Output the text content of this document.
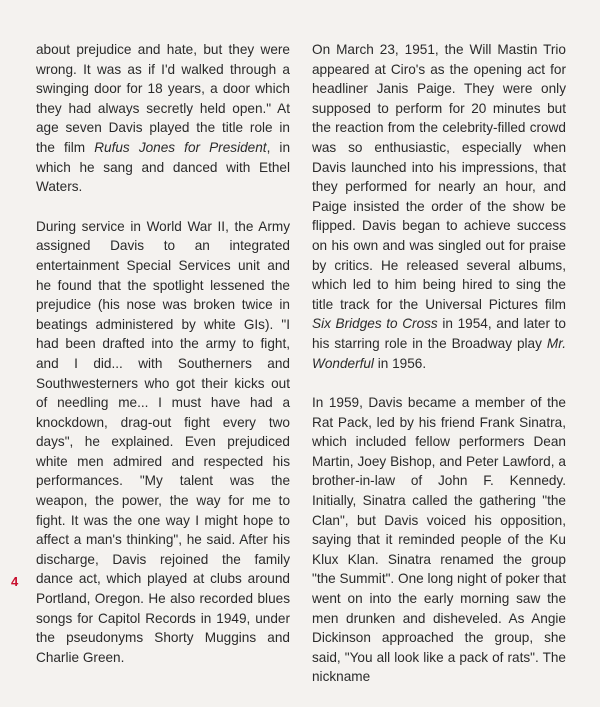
about prejudice and hate, but they were wrong. It was as if I'd walked through a swinging door for 18 years, a door which they had always secretly held open." At age seven Davis played the title role in the film Rufus Jones for President, in which he sang and danced with Ethel Waters.

During service in World War II, the Army assigned Davis to an integrated entertainment Special Services unit and he found that the spotlight lessened the prejudice (his nose was broken twice in beatings administered by white GIs). "I had been drafted into the army to fight, and I did... with Southerners and Southwesterners who got their kicks out of needling me... I must have had a knockdown, drag-out fight every two days", he explained. Even prejudiced white men admired and respected his performances. "My talent was the weapon, the power, the way for me to fight. It was the one way I might hope to affect a man's thinking", he said. After his discharge, Davis rejoined the family dance act, which played at clubs around Portland, Oregon. He also recorded blues songs for Capitol Records in 1949, under the pseudonyms Shorty Muggins and Charlie Green.

On March 23, 1951, the Will Mastin Trio appeared at Ciro's as the opening act for headliner Janis Paige. They were only supposed to perform for 20 minutes but the reaction from the celebrity-filled crowd was so enthusiastic, especially when Davis launched into his impressions, that they performed for nearly an hour, and Paige insisted the order of the show be flipped. Davis began to achieve success on his own and was singled out for praise by critics. He released several albums, which led to him being hired to sing the title track for the Universal Pictures film Six Bridges to Cross in 1954, and later to his starring role in the Broadway play Mr. Wonderful in 1956.

In 1959, Davis became a member of the Rat Pack, led by his friend Frank Sinatra, which included fellow performers Dean Martin, Joey Bishop, and Peter Lawford, a brother-in-law of John F. Kennedy. Initially, Sinatra called the gathering "the Clan", but Davis voiced his opposition, saying that it reminded people of the Ku Klux Klan. Sinatra renamed the group "the Summit". One long night of poker that went on into the early morning saw the men drunken and disheveled. As Angie Dickinson approached the group, she said, "You all look like a pack of rats". The nickname

4
